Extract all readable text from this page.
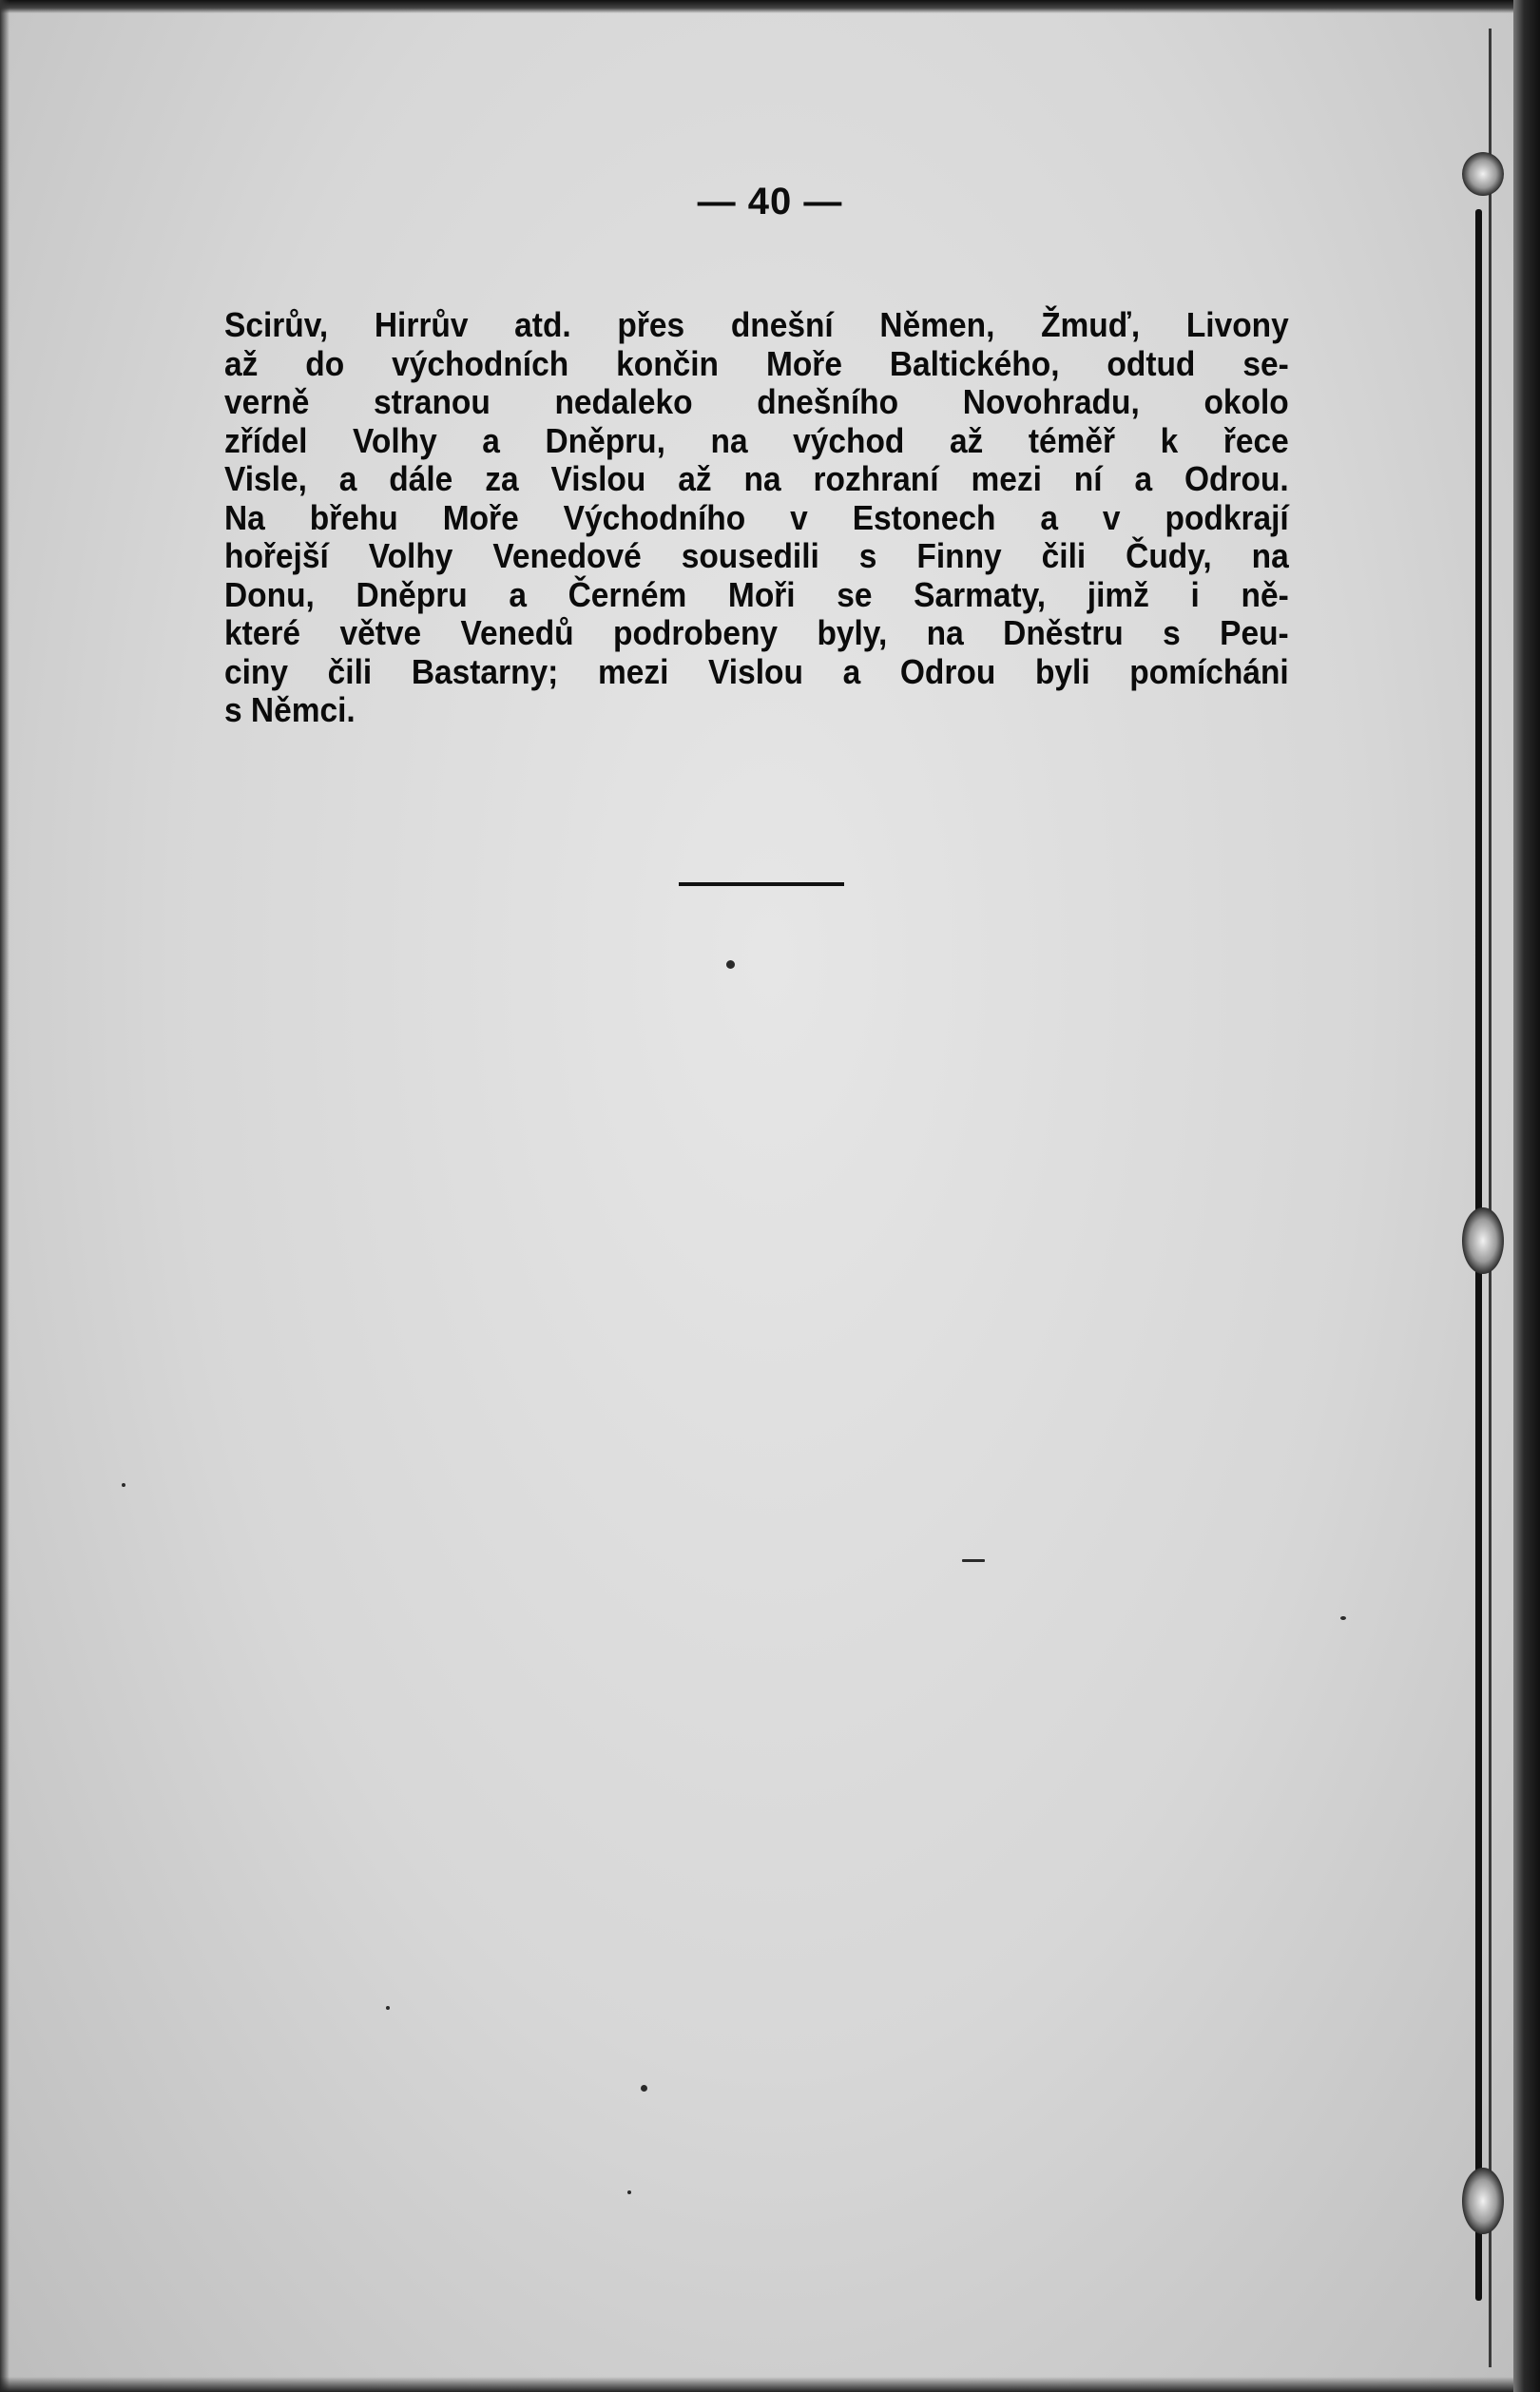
— 40 —
Scirův, Hirrův atd. přes dnešní Němen, Žmuď, Livony
až do východních končin Moře Baltického, odtud se-
verně stranou nedaleko dnešního Novohradu, okolo
zřídel Volhy a Dněpru, na východ až téměř k řece
Visle, a dále za Vislou až na rozhraní mezi ní a Odrou.
Na břehu Moře Východního v Estonech a v podkrají
hořejší Volhy Venedové sousedili s Finny čili Čudy, na
Donu, Dněpru a Černém Moři se Sarmaty, jimž i ně-
které větve Venedů podrobeny byly, na Dněstru s Peu-
ciny čili Bastarny; mezi Vislou a Odrou byli pomícháni
s Němci.
